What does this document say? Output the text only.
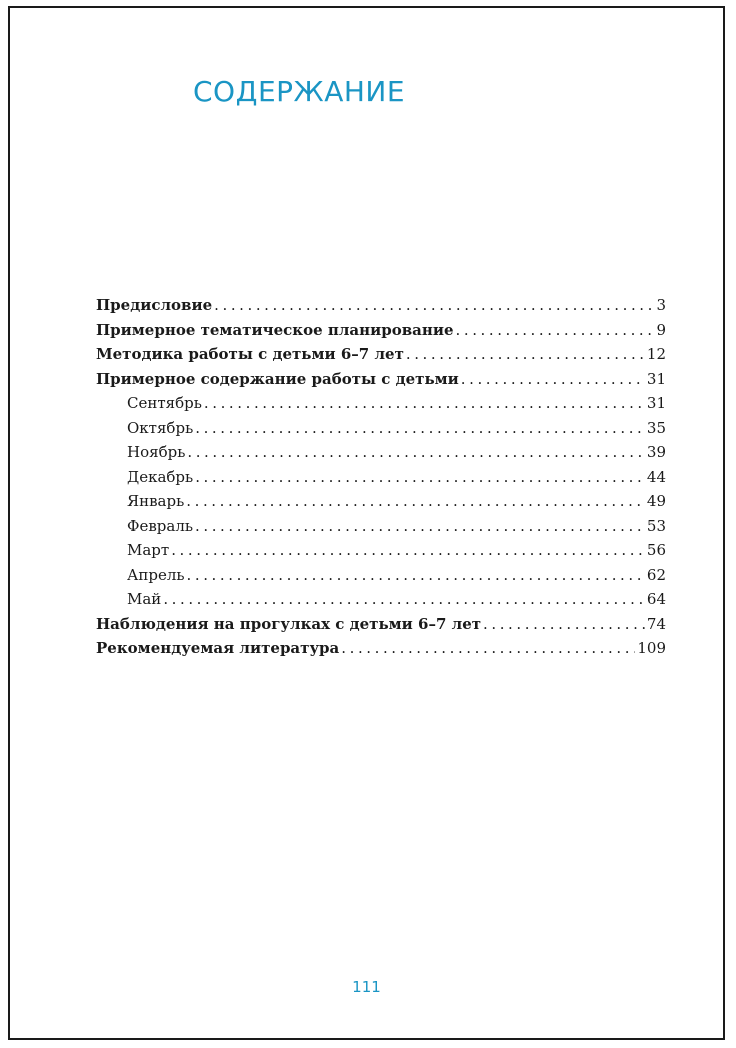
СОДЕРЖАНИЕ
Предисловие . . .	3
Примерное тематическое планирование . . .	9
Методика работы с детьми 6–7 лет . . .	12
Примерное содержание работы с детьми . . .	31
Сентябрь . . .	31
Октябрь . . .	35
Ноябрь . . .	39
Декабрь . . .	44
Январь . . .	49
Февраль . . .	53
Март . . .	56
Апрель . . .	62
Май . . .	64
Наблюдения на прогулках с детьми 6–7 лет . . .	74
Рекомендуемая литература . . .	109
111
